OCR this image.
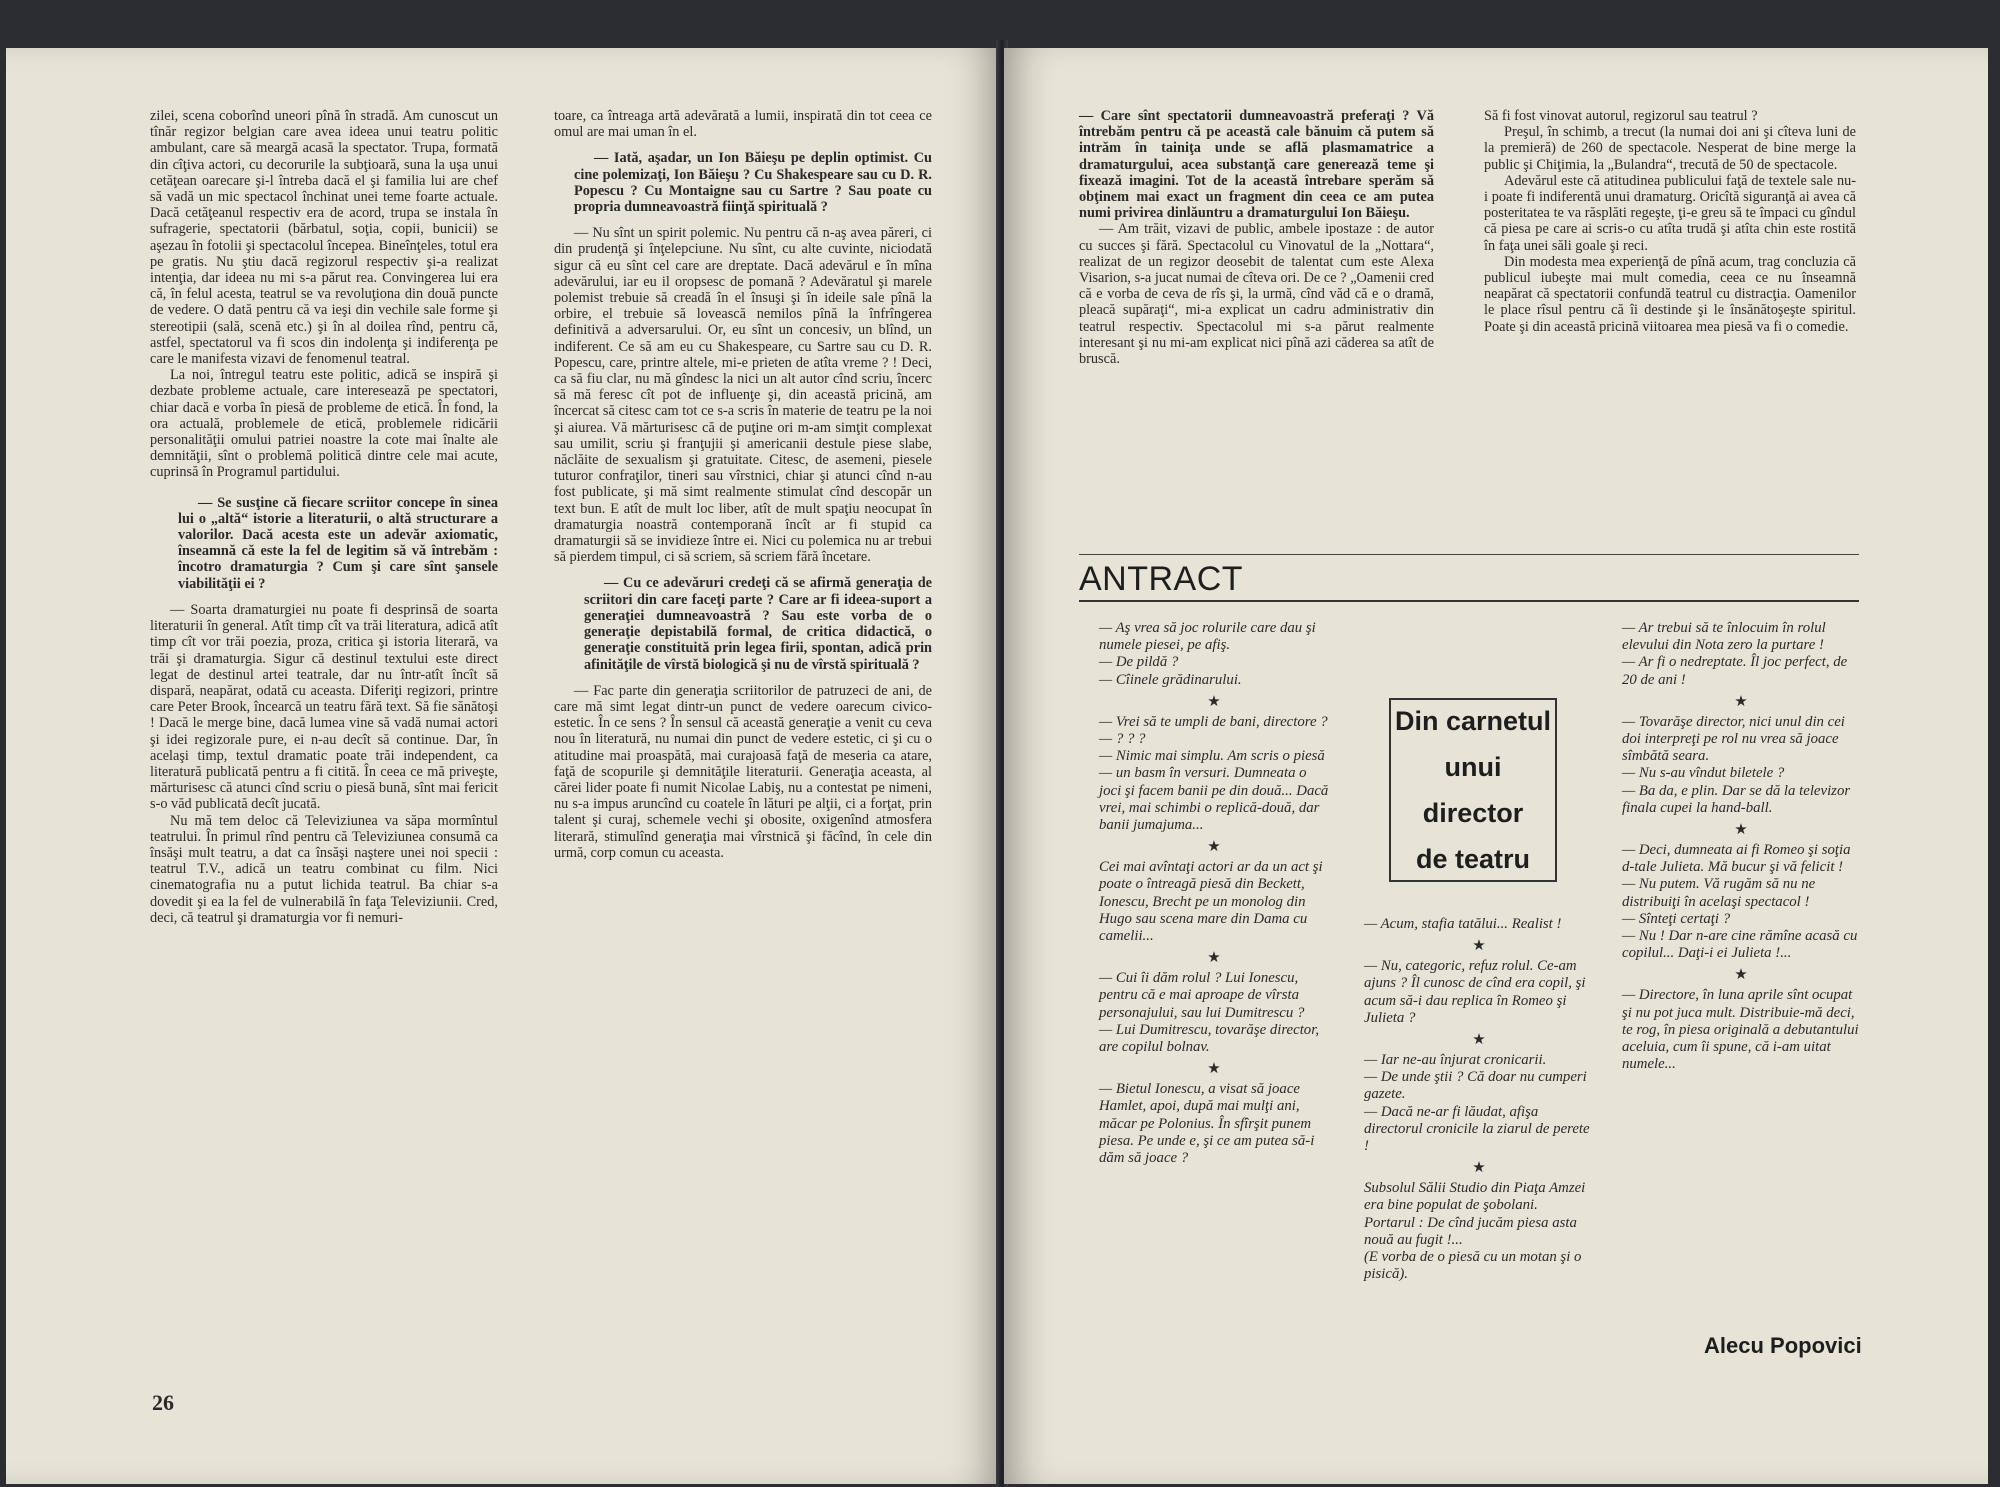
zilei, scena coborînd uneori pînă în stradă. Am cunoscut un tînăr regizor belgian care avea ideea unui teatru politic ambulant, care să meargă acasă la spectator. Trupa, formată din cîţiva actori, cu decorurile la subţioară, suna la uşa unui cetăţean oarecare şi-l întreba dacă el şi familia lui are chef să vadă un mic spectacol închinat unei teme foarte actuale. Dacă cetăţeanul respectiv era de acord, trupa se instala în sufragerie, spectatorii (bărbatul, soţia, copii, bunicii) se aşezau în fotolii şi spectacolul începea. Bineînţeles, totul era pe gratis. Nu ştiu dacă regizorul respectiv şi-a realizat intenţia, dar ideea nu mi s-a părut rea. Convingerea lui era că, în felul acesta, teatrul se va revoluţiona din două puncte de vedere. O dată pentru că va ieşi din vechile sale forme şi stereotipii (sală, scenă etc.) şi în al doilea rînd, pentru că, astfel, spectatorul va fi scos din indolenţa şi indiferenţa pe care le manifesta vizavi de fenomenul teatral.

La noi, întregul teatru este politic, adică se inspiră şi dezbate probleme actuale, care interesează pe spectatori, chiar dacă e vorba în piesă de probleme de etică. În fond, la ora actuală, problemele de etică, problemele ridicării personalităţii omului patriei noastre la cote mai înalte ale demnităţii, sînt o problemă politică dintre cele mai acute, cuprinsă în Programul partidului.

— Se susţine că fiecare scriitor concepe în sinea lui o „altă“ istorie a literaturii, o altă structurare a valorilor. Dacă acesta este un adevăr axiomatic, înseamnă că este la fel de legitim să vă întrebăm : încotro dramaturgia ? Cum şi care sînt şansele viabilităţii ei ?

— Soarta dramaturgiei nu poate fi desprinsă de soarta literaturii în general. Atît timp cît va trăi literatura, adică atît timp cît vor trăi poezia, proza, critica şi istoria literară, va trăi şi dramaturgia. Sigur că destinul textului este direct legat de destinul artei teatrale, dar nu într-atît încît să dispară, neapărat, odată cu aceasta. Diferiţi regizori, printre care Peter Brook, încearcă un teatru fără text. Să fie sănătoşi ! Dacă le merge bine, dacă lumea vine să vadă numai actori şi idei regizorale pure, ei n-au decît să continue. Dar, în acelaşi timp, textul dramatic poate trăi independent, ca literatură publicată pentru a fi citită. În ceea ce mă priveşte, mărturisesc că atunci cînd scriu o piesă bună, sînt mai fericit s-o văd publicată decît jucată.

Nu mă tem deloc că Televiziunea va săpa mormîntul teatrului. În primul rînd pentru că Televiziunea consumă ca însăşi mult teatru, a dat ca însăşi naştere unei noi specii : teatrul T.V., adică un teatru combinat cu film. Nici cinematografia nu a putut lichida teatrul. Ba chiar s-a dovedit şi ea la fel de vulnerabilă în faţa Televiziunii. Cred, deci, că teatrul şi dramaturgia vor fi nemuri-

toare, ca întreaga artă adevărată a lumii, inspirată din tot ceea ce omul are mai uman în el.

— Iată, aşadar, un Ion Băieşu pe deplin optimist. Cu cine polemizaţi, Ion Băieşu ? Cu Shakespeare sau cu D. R. Popescu ? Cu Montaigne sau cu Sartre ? Sau poate cu propria dumneavoastră fiinţă spirituală ?

— Nu sînt un spirit polemic. Nu pentru că n-aş avea păreri, ci din prudenţă şi înţelepciune. Nu sînt, cu alte cuvinte, niciodată sigur că eu sînt cel care are dreptate. Dacă adevărul e în mîna adevărului, iar eu il oropsesc de pomană ? Adevăratul şi marele polemist trebuie să creadă în el însuşi şi în ideile sale pînă la orbire, el trebuie să lovească nemilos pînă la înfrîngerea definitivă a adversarului. Or, eu sînt un concesiv, un blînd, un indiferent. Ce să am eu cu Shakespeare, cu Sartre sau cu D. R. Popescu, care, printre altele, mi-e prieten de atîta vreme ? ! Deci, ca să fiu clar, nu mă gîndesc la nici un alt autor cînd scriu, încerc să mă feresc cît pot de influenţe şi, din această pricină, am încercat să citesc cam tot ce s-a scris în materie de teatru pe la noi şi aiurea. Vă mărturisesc că de puţine ori m-am simţit complexat sau umilit, scriu şi franţujii şi americanii destule piese slabe, năclăite de sexualism şi gratuitate. Citesc, de asemeni, piesele tuturor confraţilor, tineri sau vîrstnici, chiar şi atunci cînd n-au fost publicate, şi mă simt realmente stimulat cînd descopăr un text bun. E atît de mult loc liber, atît de mult spaţiu neocupat în dramaturgia noastră contemporană încît ar fi stupid ca dramaturgii să se invidieze între ei. Nici cu polemica nu ar trebui să pierdem timpul, ci să scriem, să scriem fără încetare.

— Cu ce adevăruri credeţi că se afirmă generaţia de scriitori din care faceţi parte ? Care ar fi ideea-suport a generaţiei dumneavoastră ? Sau este vorba de o generaţie depistabilă formal, de critica didactică, o generaţie constituită prin legea firii, spontan, adică prin afinităţile de vîrstă biologică şi nu de vîrstă spirituală ?

— Fac parte din generaţia scriitorilor de patruzeci de ani, de care mă simt legat dintr-un punct de vedere oarecum civico-estetic. În ce sens ? În sensul că această generaţie a venit cu ceva nou în literatură, nu numai din punct de vedere estetic, ci şi cu o atitudine mai proaspătă, mai curajoasă faţă de meseria ca atare, faţă de scopurile şi demnităţile literaturii. Generaţia aceasta, al cărei lider poate fi numit Nicolae Labiş, nu a contestat pe nimeni, nu s-a impus aruncînd cu coatele în lături pe alţii, ci a forţat, prin talent şi curaj, schemele vechi şi obosite, oxigenînd atmosfera literară, stimulînd generaţia mai vîrstnică şi făcînd, în cele din urmă, corp comun cu aceasta.

26

— Care sînt spectatorii dumneavoastră preferaţi ? Vă întrebăm pentru că pe această cale bănuim că putem să intrăm în tainiţa unde se află plasmamatrice a dramaturgului, acea substanţă care generează teme şi fixează imagini. Tot de la această întrebare sperăm să obţinem mai exact un fragment din ceea ce am putea numi privirea dinlăuntru a dramaturgului Ion Băieşu.

— Am trăit, vizavi de public, ambele ipostaze : de autor cu succes şi fără. Spectacolul cu Vinovatul de la „Nottara“, realizat de un regizor deosebit de talentat cum este Alexa Visarion, s-a jucat numai de cîteva ori. De ce ? „Oamenii cred că e vorba de ceva de rîs şi, la urmă, cînd văd că e o dramă, pleacă supăraţi“, mi-a explicat un cadru administrativ din teatrul respectiv. Spectacolul mi s-a părut realmente interesant şi nu mi-am explicat nici pînă azi căderea sa atît de bruscă.

Să fi fost vinovat autorul, regizorul sau teatrul ?

Preşul, în schimb, a trecut (la numai doi ani şi cîteva luni de la premieră) de 260 de spectacole. Nesperat de bine merge la public şi Chiţimia, la „Bulandra“, trecută de 50 de spectacole.

Adevărul este că atitudinea publicului faţă de textele sale nu-i poate fi indiferentă unui dramaturg. Oricîtă siguranţă ai avea că posteritatea te va răsplăti regeşte, ţi-e greu să te împaci cu gîndul că piesa pe care ai scris-o cu atîta trudă şi atîta chin este rostită în faţa unei săli goale şi reci.

Din modesta mea experienţă de pînă acum, trag concluzia că publicul iubeşte mai mult comedia, ceea ce nu înseamnă neapărat că spectatorii confundă teatrul cu distracţia. Oamenilor le place rîsul pentru că îi destinde şi le însănătoşeşte spiritul. Poate şi din această pricină viitoarea mea piesă va fi o comedie.

ANTRACT

— Aş vrea să joc rolurile care dau şi numele piesei, pe afiş.

— De pildă ?

— Cîinele grădinarului.

★

— Vrei să te umpli de bani, directore ?

— ? ? ?

— Nimic mai simplu. Am scris o piesă — un basm în versuri. Dumneata o joci şi facem banii pe din două... Dacă vrei, mai schimbi o replică-două, dar banii jumajuma...

★

Cei mai avîntaţi actori ar da un act şi poate o întreagă piesă din Beckett, Ionescu, Brecht pe un monolog din Hugo sau scena mare din Dama cu camelii...

★

— Cui îi dăm rolul ? Lui Ionescu, pentru că e mai aproape de vîrsta personajului, sau lui Dumitrescu ?

— Lui Dumitrescu, tovarăşe director, are copilul bolnav.

★

— Bietul Ionescu, a visat să joace Hamlet, apoi, după mai mulţi ani, măcar pe Polonius. În sfîrşit punem piesa. Pe unde e, şi ce am putea să-i dăm să joace ?

Din carnetul
unui director
de teatru

— Acum, stafia tatălui... Realist !

★

— Nu, categoric, refuz rolul. Ce-am ajuns ? Îl cunosc de cînd era copil, şi acum să-i dau replica în Romeo şi Julieta ?

★

— Iar ne-au înjurat cronicarii.

— De unde ştii ? Că doar nu cumperi gazete.

— Dacă ne-ar fi lăudat, afişa directorul cronicile la ziarul de perete !

★

Subsolul Sălii Studio din Piaţa Amzei era bine populat de şobolani.

Portarul : De cînd jucăm piesa asta nouă au fugit !...

(E vorba de o piesă cu un motan şi o pisică).

— Ar trebui să te înlocuim în rolul elevului din Nota zero la purtare !

— Ar fi o nedreptate. Îl joc perfect, de 20 de ani !

★

— Tovarăşe director, nici unul din cei doi interpreţi pe rol nu vrea să joace sîmbătă seara.

— Nu s-au vîndut biletele ?

— Ba da, e plin. Dar se dă la televizor finala cupei la hand-ball.

★

— Deci, dumneata ai fi Romeo şi soţia d-tale Julieta. Mă bucur şi vă felicit !

— Nu putem. Vă rugăm să nu ne distribuiţi în acelaşi spectacol !

— Sînteţi certaţi ?

— Nu ! Dar n-are cine rămîne acasă cu copilul... Daţi-i ei Julieta !...

★

— Directore, în luna aprile sînt ocupat şi nu pot juca mult. Distribuie-mă deci, te rog, în piesa originală a debutantului aceluia, cum îi spune, că i-am uitat numele...

Alecu Popovici
